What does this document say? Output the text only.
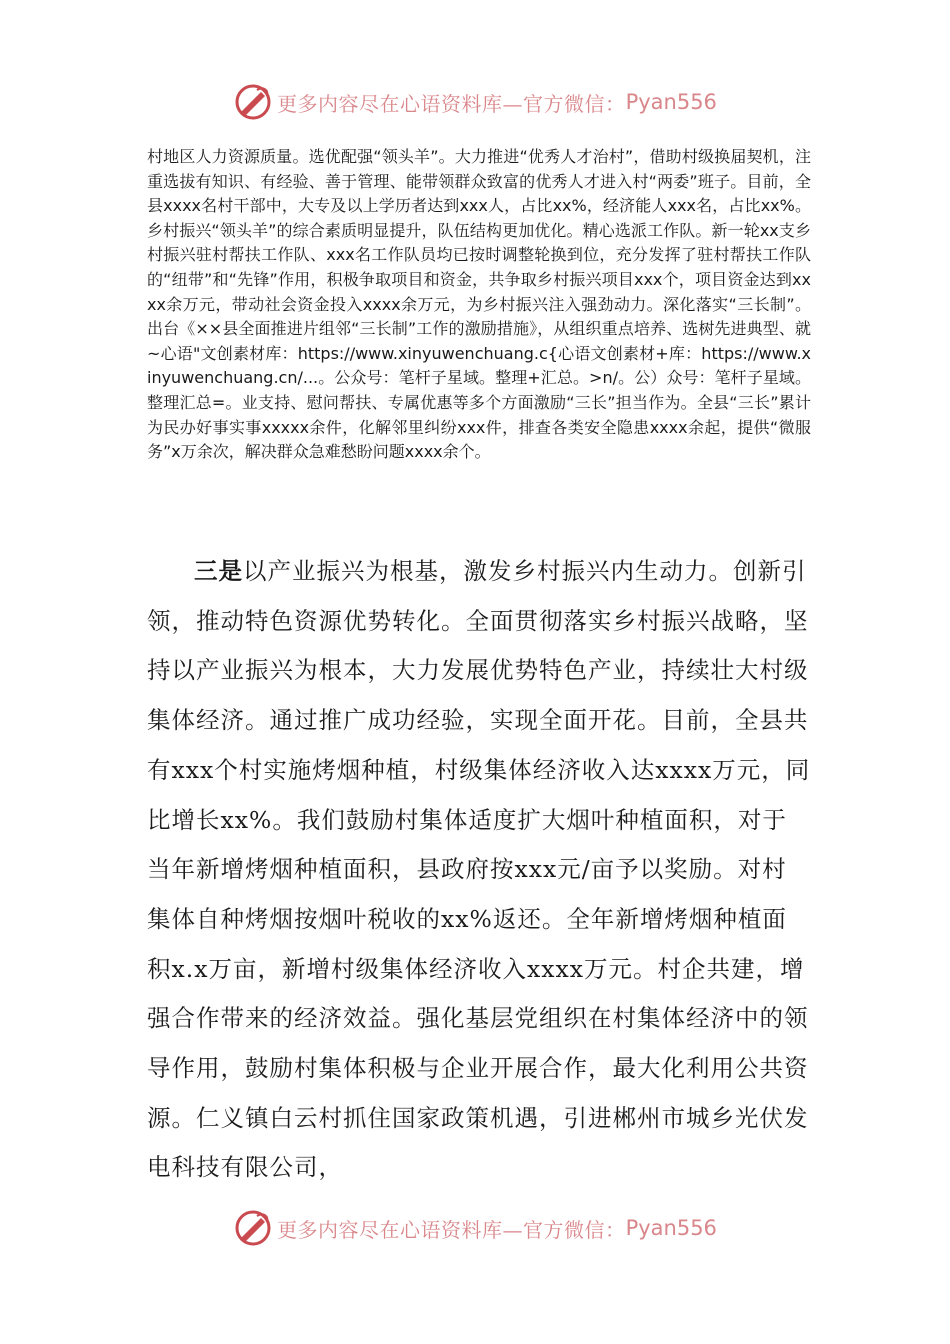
更多内容尽在心语资料库—官方微信： Pyan556

村地区人力资源质量。选优配强“领头羊”。大力推进“优秀人才治村”，借助村级换届契机，注重选拔有知识、有经验、善于管理、能带领群众致富的优秀人才进入村“两委”班子。目前，全县xxxx名村干部中，大专及以上学历者达到xxx人，占比xx%，经济能人xxx名，占比xx%。乡村振兴“领头羊”的综合素质明显提升，队伍结构更加优化。精心选派工作队。新一轮xx支乡村振兴驻村帮扶工作队、xxx名工作队员均已按时调整轮换到位，充分发挥了驻村帮扶工作队的“纽带”和“先锋”作用，积极争取项目和资金，共争取乡村振兴项目xxx个，项目资金达到xxxx余万元，带动社会资金投入xxxx余万元，为乡村振兴注入强劲动力。深化落实“三长制”。出台《××县全面推进片组邻“三长制”工作的激励措施》，从组织重点培养、选树先进典型、就~心语"文创素材库：https://www.xinyuwenchuang.c{心语文创素材+库：https://www.xinyuwenchuang.cn/...。公众号：笔杆子星域。整理+汇总。>n/。公）众号：笔杆子星域。整理汇总=。业支持、慰问帮扶、专属优惠等多个方面激励“三长”担当作为。全县“三长”累计为民办好事实事xxxxx余件，化解邻里纠纷xxx件，排查各类安全隐患xxxx余起，提供“微服务”x万余次，解决群众急难愁盼问题xxxx余个。

三是以产业振兴为根基，激发乡村振兴内生动力。创新引领，推动特色资源优势转化。全面贯彻落实乡村振兴战略，坚持以产业振兴为根本，大力发展优势特色产业，持续壮大村级集体经济。通过推广成功经验，实现全面开花。目前，全县共有xxx个村实施烤烟种植，村级集体经济收入达xxxx万元，同比增长xx%。我们鼓励村集体适度扩大烟叶种植面积，对于当年新增烤烟种植面积，县政府按xxx元/亩予以奖励。对村集体自种烤烟按烟叶税收的xx%返还。全年新增烤烟种植面积x.x万亩，新增村级集体经济收入xxxx万元。村企共建，增强合作带来的经济效益。强化基层党组织在村集体经济中的领导作用，鼓励村集体积极与企业开展合作，最大化利用公共资源。仁义镇白云村抓住国家政策机遇，引进郴州市城乡光伏发电科技有限公司，

更多内容尽在心语资料库—官方微信： Pyan556
